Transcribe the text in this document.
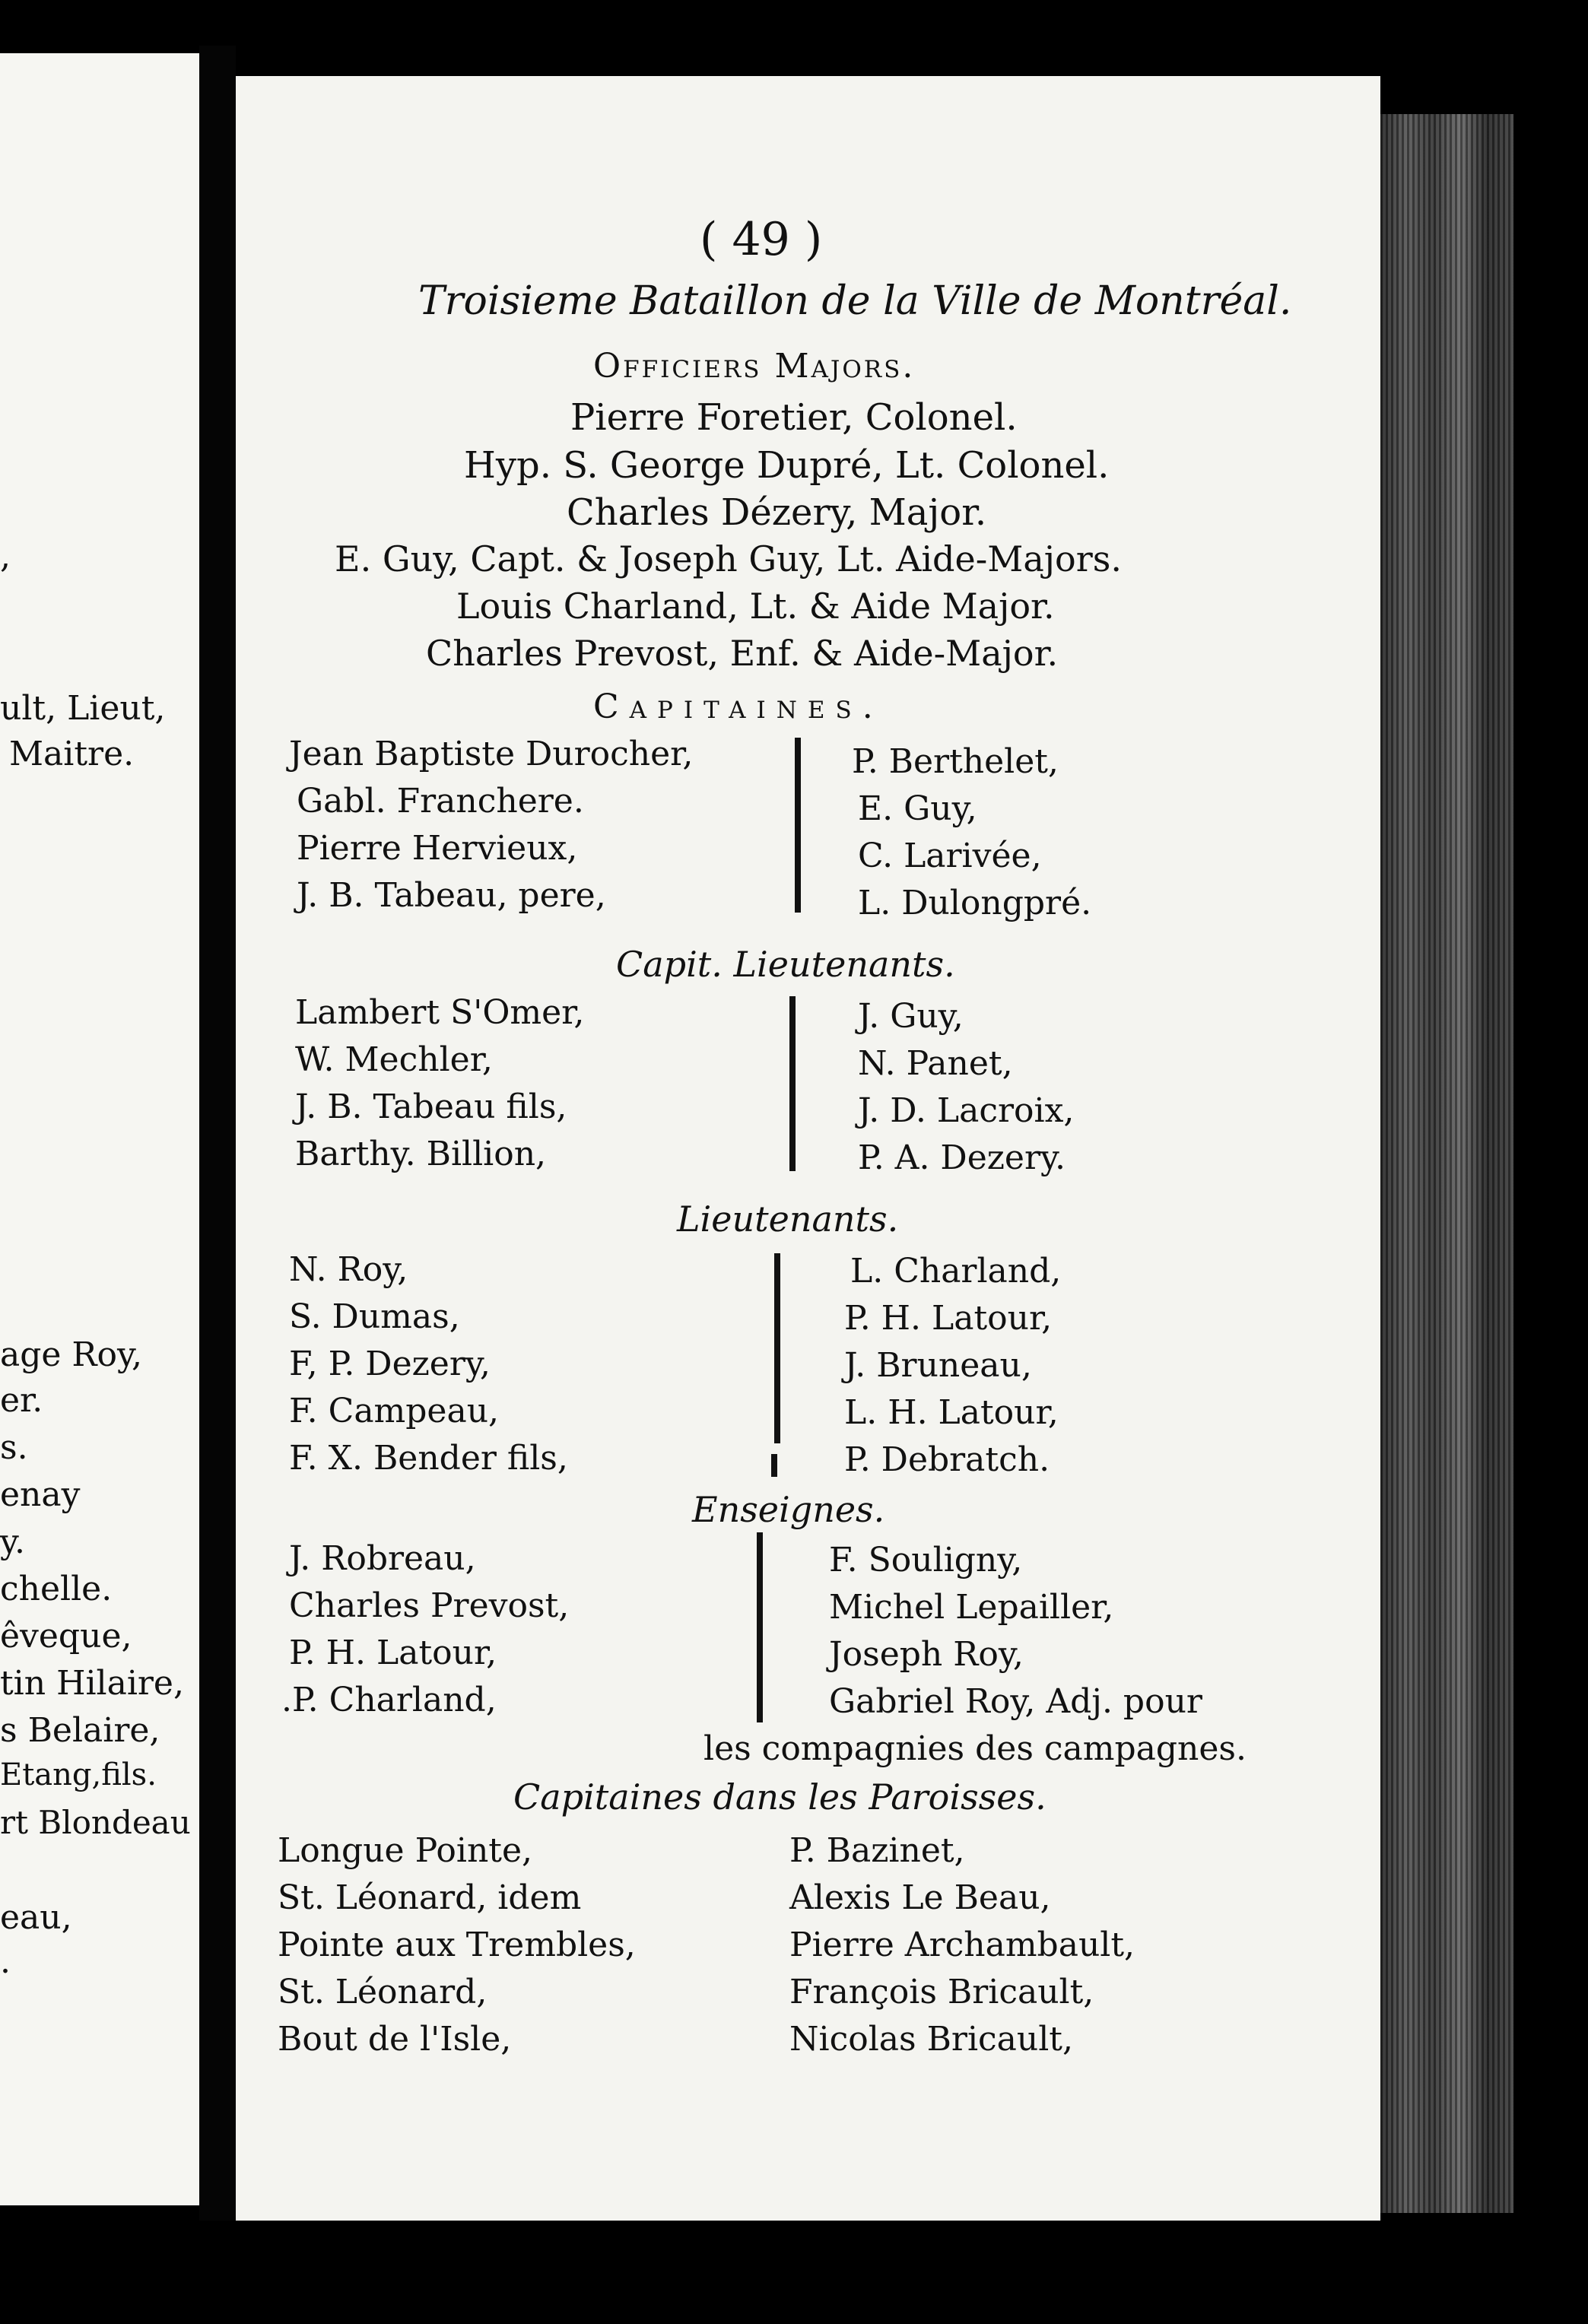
,
ult, Lieut,
Maitre.
age Roy,
er.
s.
enay
y.
chelle.
êveque,
tin Hilaire,
s Belaire,
Etang,fils.
rt Blondeau
eau,
.
( 49 )
Troisieme Bataillon de la Ville de Montréal.
Officiers Majors.
Pierre Foretier, Colonel.
Hyp. S. George Dupré, Lt. Colonel.
Charles Dézery, Major.
E. Guy, Capt. & Joseph Guy, Lt. Aide-Majors.
Louis Charland, Lt. & Aide Major.
Charles Prevost, Enf. & Aide-Major.
Capitaines.
Jean Baptiste Durocher,
Gabl. Franchere.
Pierre Hervieux,
J. B. Tabeau, pere,
P. Berthelet,
E. Guy,
C. Larivée,
L. Dulongpré.
Capit. Lieutenants.
Lambert S'Omer,
W. Mechler,
J. B. Tabeau fils,
Barthy. Billion,
J. Guy,
N. Panet,
J. D. Lacroix,
P. A. Dezery.
Lieutenants.
N. Roy,
S. Dumas,
F, P. Dezery,
F. Campeau,
F. X. Bender fils,
L. Charland,
P. H. Latour,
J. Bruneau,
L. H. Latour,
P. Debratch.
Enseignes.
J. Robreau,
Charles Prevost,
P. H. Latour,
.P. Charland,
F. Souligny,
Michel Lepailler,
Joseph Roy,
Gabriel Roy, Adj. pour
les compagnies des campagnes.
Capitaines dans les Paroisses.
Longue Pointe,
St. Léonard, idem
Pointe aux Trembles,
St. Léonard,
Bout de l'Isle,
P. Bazinet,
Alexis Le Beau,
Pierre Archambault,
François Bricault,
Nicolas Bricault,
